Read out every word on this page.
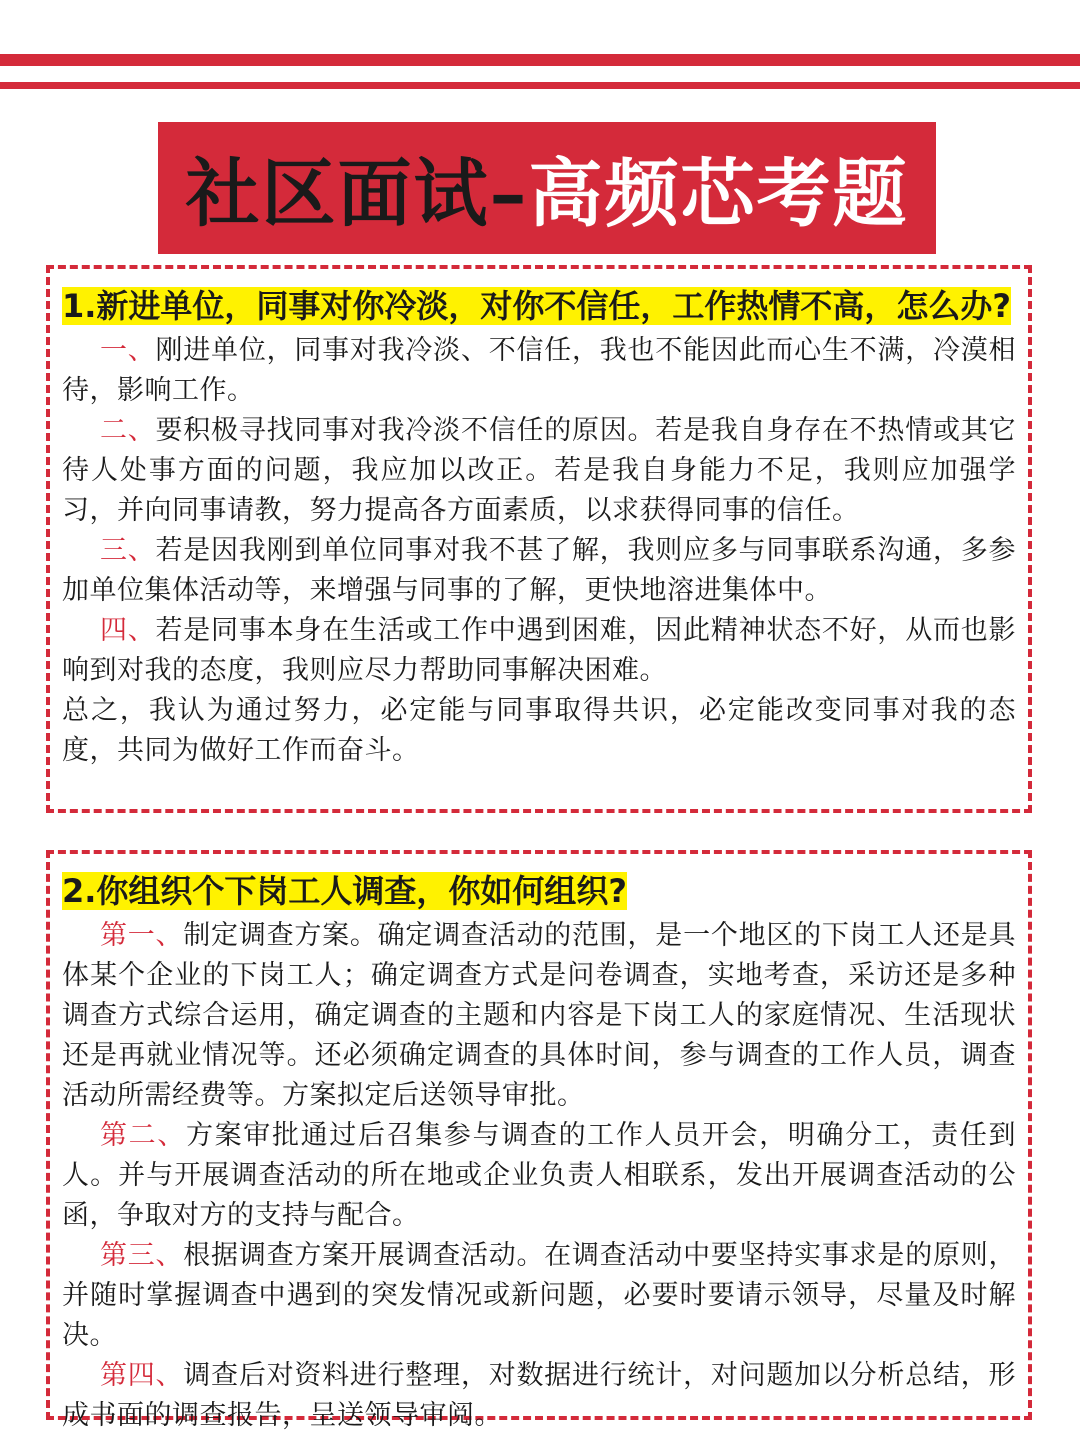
社区面试–高频芯考题

1.新进单位，同事对你冷淡，对你不信任，工作热情不高，怎么办?

一、刚进单位，同事对我冷淡、不信任，我也不能因此而心生不满，冷漠相待，影响工作。

二、要积极寻找同事对我冷淡不信任的原因。若是我自身存在不热情或其它待人处事方面的问题，我应加以改正。若是我自身能力不足，我则应加强学习，并向同事请教，努力提高各方面素质，以求获得同事的信任。

三、若是因我刚到单位同事对我不甚了解，我则应多与同事联系沟通，多参加单位集体活动等，来增强与同事的了解，更快地溶进集体中。

四、若是同事本身在生活或工作中遇到困难，因此精神状态不好，从而也影响到对我的态度，我则应尽力帮助同事解决困难。

总之，我认为通过努力，必定能与同事取得共识，必定能改变同事对我的态度，共同为做好工作而奋斗。

2.你组织个下岗工人调查，你如何组织?

第一、制定调查方案。确定调查活动的范围，是一个地区的下岗工人还是具体某个企业的下岗工人；确定调查方式是问卷调查，实地考查，采访还是多种调查方式综合运用，确定调查的主题和内容是下岗工人的家庭情况、生活现状还是再就业情况等。还必须确定调查的具体时间，参与调查的工作人员，调查活动所需经费等。方案拟定后送领导审批。

第二、方案审批通过后召集参与调查的工作人员开会，明确分工，责任到人。并与开展调查活动的所在地或企业负责人相联系，发出开展调查活动的公函，争取对方的支持与配合。

第三、根据调查方案开展调查活动。在调查活动中要坚持实事求是的原则，并随时掌握调查中遇到的突发情况或新问题，必要时要请示领导，尽量及时解决。

第四、调查后对资料进行整理，对数据进行统计，对问题加以分析总结，形成书面的调查报告，呈送领导审阅。
